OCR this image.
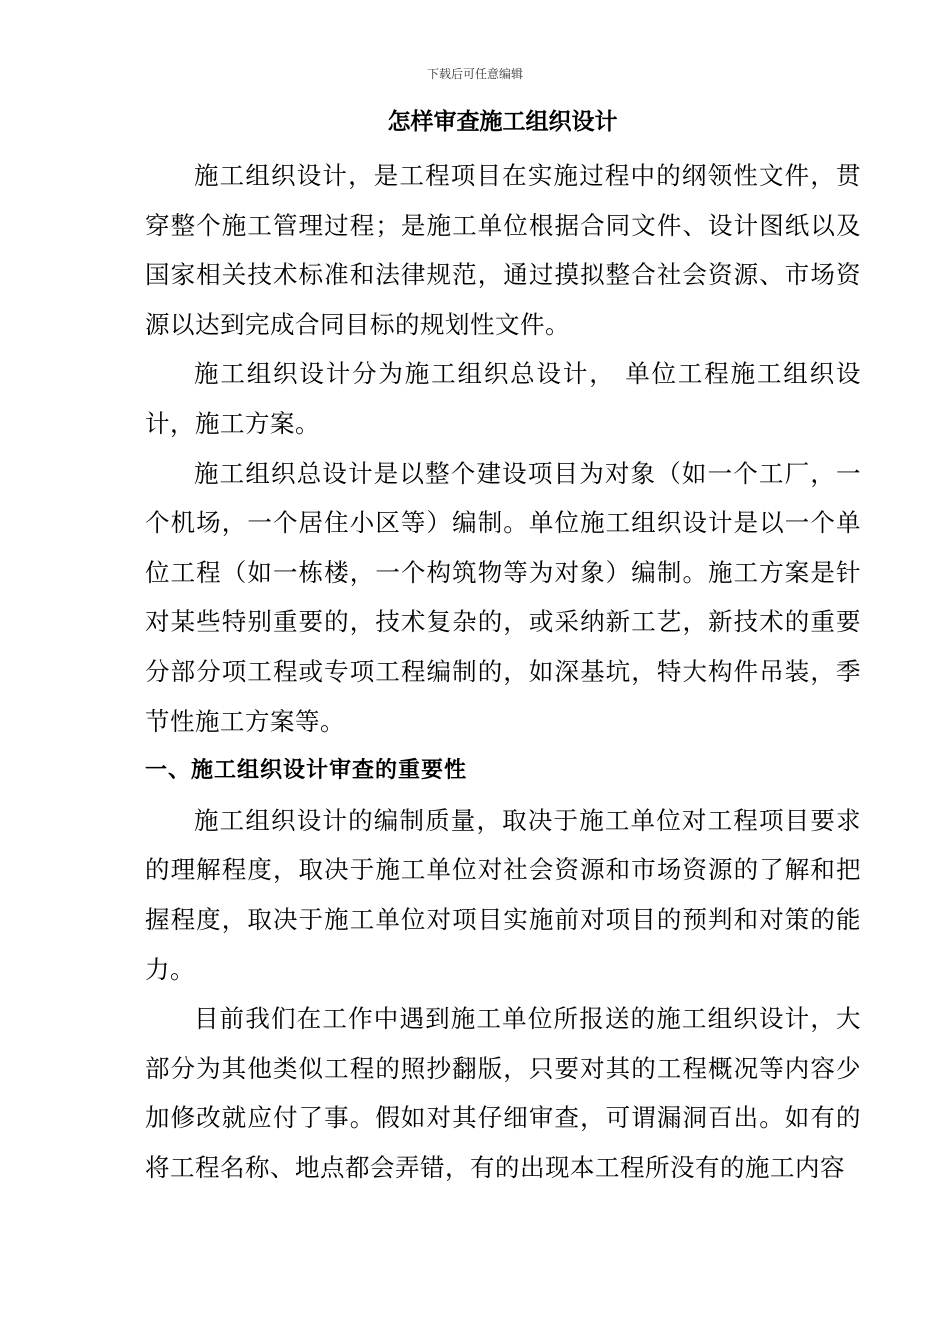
下载后可任意编辑
怎样审查施工组织设计

施工组织设计，是工程项目在实施过程中的纲领性文件，贯穿整个施工管理过程；是施工单位根据合同文件、设计图纸以及国家相关技术标准和法律规范，通过摸拟整合社会资源、市场资源以达到完成合同目标的规划性文件。

施工组织设计分为施工组织总设计， 单位工程施工组织设计，施工方案。

施工组织总设计是以整个建设项目为对象（如一个工厂，一个机场，一个居住小区等）编制。单位施工组织设计是以一个单位工程（如一栋楼，一个构筑物等为对象）编制。施工方案是针对某些特别重要的，技术复杂的，或采纳新工艺，新技术的重要分部分项工程或专项工程编制的，如深基坑，特大构件吊装，季节性施工方案等。

一、施工组织设计审查的重要性

施工组织设计的编制质量，取决于施工单位对工程项目要求的理解程度，取决于施工单位对社会资源和市场资源的了解和把握程度，取决于施工单位对项目实施前对项目的预判和对策的能力。

目前我们在工作中遇到施工单位所报送的施工组织设计，大部分为其他类似工程的照抄翻版，只要对其的工程概况等内容少加修改就应付了事。假如对其仔细审查，可谓漏洞百出。如有的将工程名称、地点都会弄错，有的出现本工程所没有的施工内容
